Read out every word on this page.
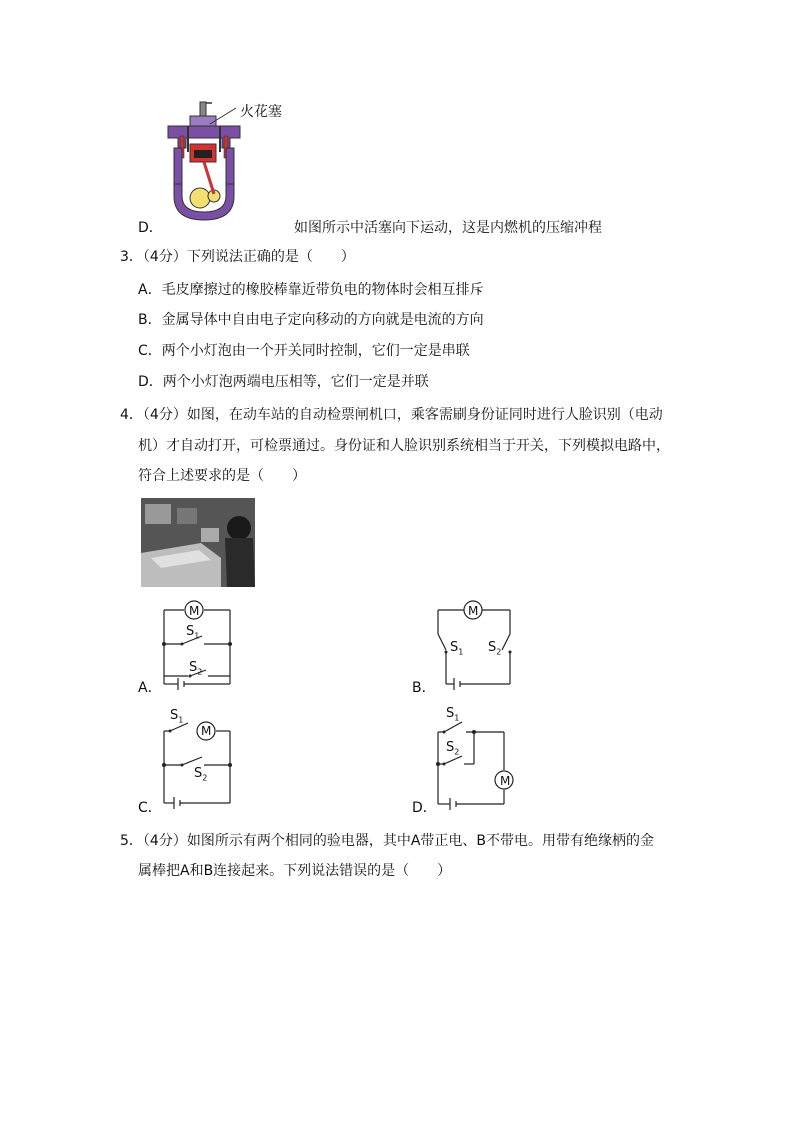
火花塞
D．	如图所示中活塞向下运动，这是内燃机的压缩冲程
3．（4分）下列说法正确的是（　　）
A．毛皮摩擦过的橡胶棒靠近带负电的物体时会相互排斥
B．金属导体中自由电子定向移动的方向就是电流的方向
C．两个小灯泡由一个开关同时控制，它们一定是串联
D．两个小灯泡两端电压相等，它们一定是并联
4．（4分）如图，在动车站的自动检票闸机口，乘客需刷身份证同时进行人脸识别（电动
机）才自动打开，可检票通过。身份证和人脸识别系统相当于开关，下列模拟电路中，
符合上述要求的是（　　）
M
$S_1$
$S_2$
A．
M
$S_1$ $S_2$
B．
$S_1$
M
$S_2$
C．
$S_1$
$S_2$
M
D．
5．（4分）如图所示有两个相同的验电器，其中A带正电、B不带电。用带有绝缘柄的金
属棒把A和B连接起来。下列说法错误的是（　　）
